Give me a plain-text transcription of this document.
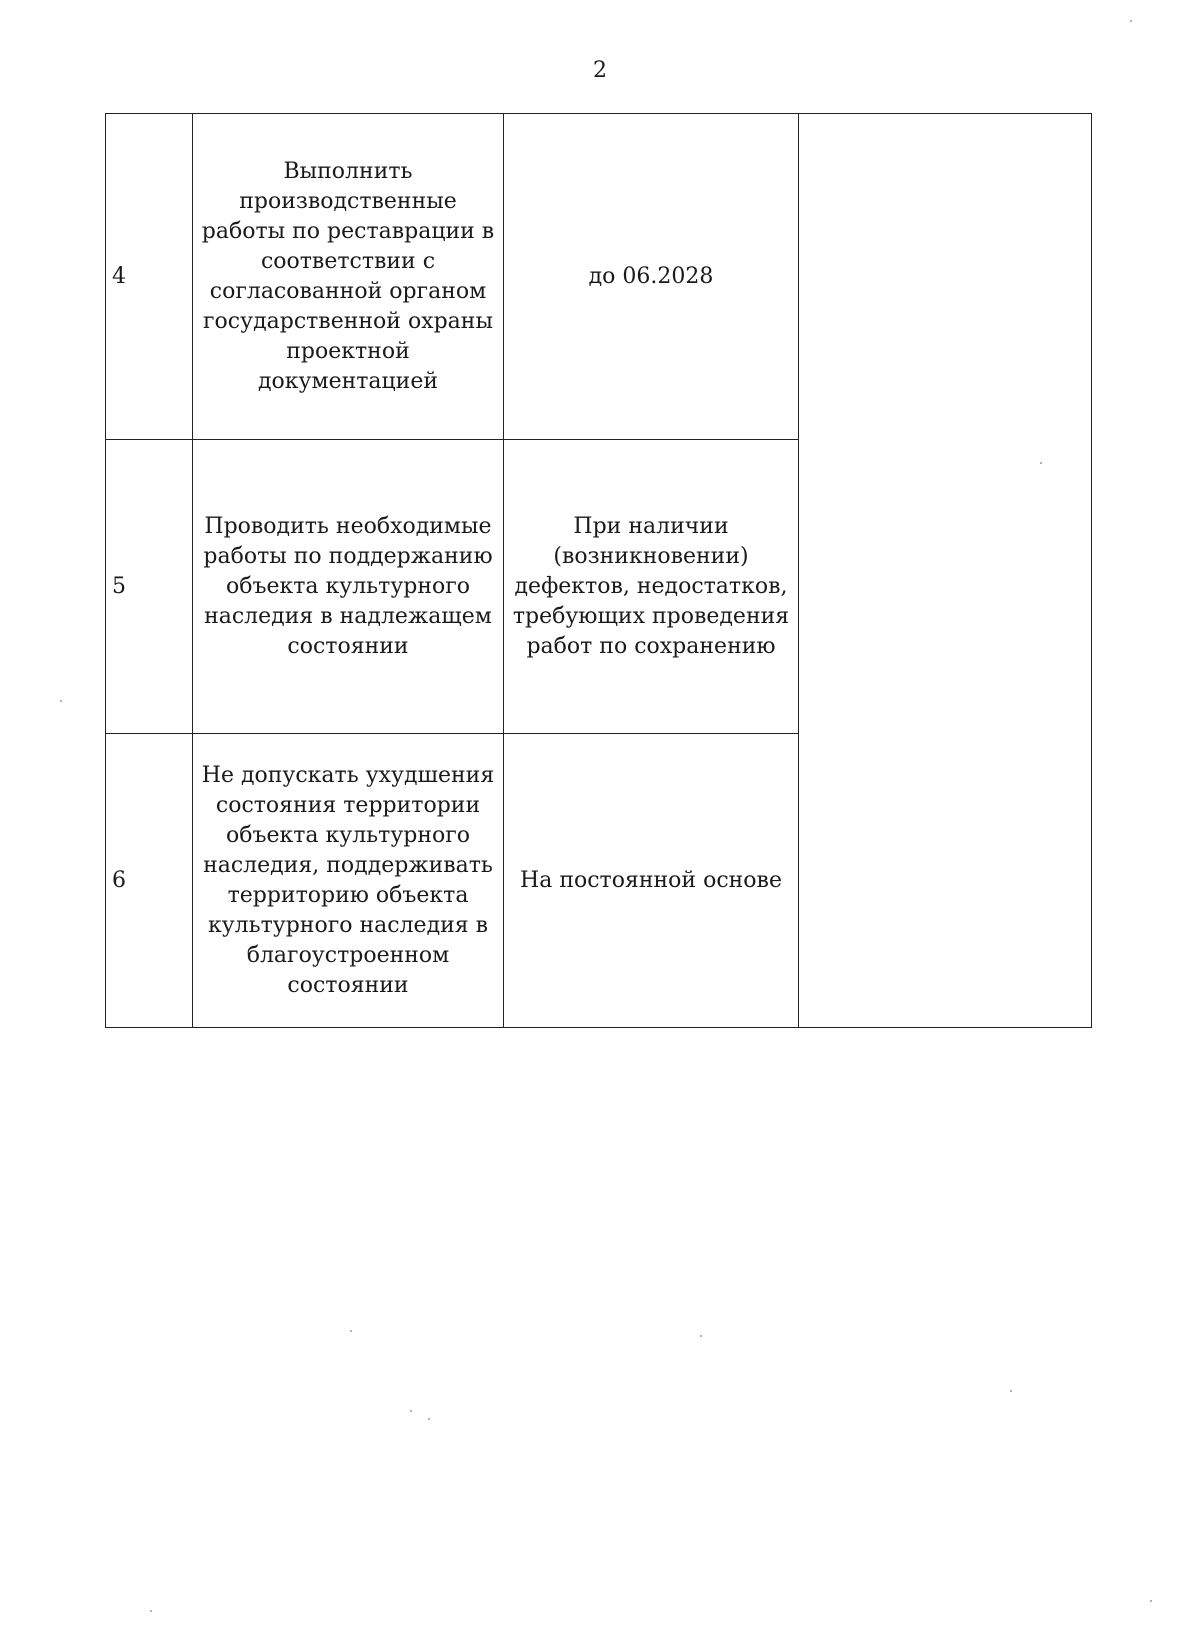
2
4	Выполнить производственные работы по реставрации в соответствии с согласованной органом государственной охраны проектной документацией	до 06.2028	
5	Проводить необходимые работы по поддержанию объекта культурного наследия в надлежащем состоянии	При наличии (возникновении) дефектов, недостатков, требующих проведения работ по сохранению	
6	Не допускать ухудшения состояния территории объекта культурного наследия, поддерживать территорию объекта культурного наследия в благоустроенном состоянии	На постоянной основе	
